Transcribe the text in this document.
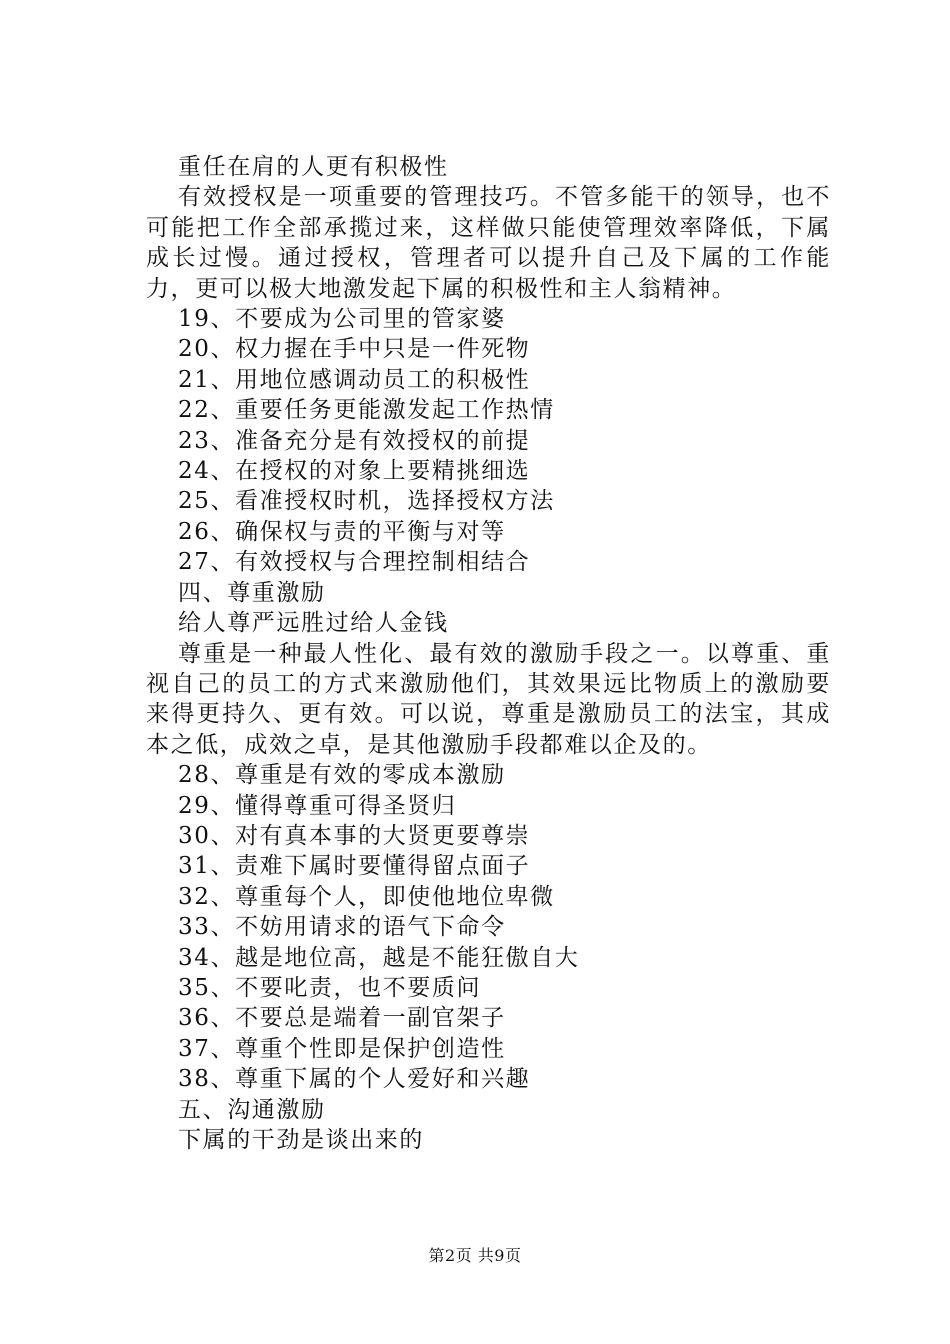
重任在肩的人更有积极性

有效授权是一项重要的管理技巧。不管多能干的领导，也不可能把工作全部承揽过来，这样做只能使管理效率降低，下属成长过慢。通过授权，管理者可以提升自己及下属的工作能力，更可以极大地激发起下属的积极性和主人翁精神。

19、不要成为公司里的管家婆

20、权力握在手中只是一件死物

21、用地位感调动员工的积极性

22、重要任务更能激发起工作热情

23、准备充分是有效授权的前提

24、在授权的对象上要精挑细选

25、看准授权时机，选择授权方法

26、确保权与责的平衡与对等

27、有效授权与合理控制相结合

四、尊重激励

给人尊严远胜过给人金钱

尊重是一种最人性化、最有效的激励手段之一。以尊重、重视自己的员工的方式来激励他们，其效果远比物质上的激励要来得更持久、更有效。可以说，尊重是激励员工的法宝，其成本之低，成效之卓，是其他激励手段都难以企及的。

28、尊重是有效的零成本激励

29、懂得尊重可得圣贤归

30、对有真本事的大贤更要尊崇

31、责难下属时要懂得留点面子

32、尊重每个人，即使他地位卑微

33、不妨用请求的语气下命令

34、越是地位高，越是不能狂傲自大

35、不要叱责，也不要质问

36、不要总是端着一副官架子

37、尊重个性即是保护创造性

38、尊重下属的个人爱好和兴趣

五、沟通激励

下属的干劲是谈出来的

第2页 共9页
